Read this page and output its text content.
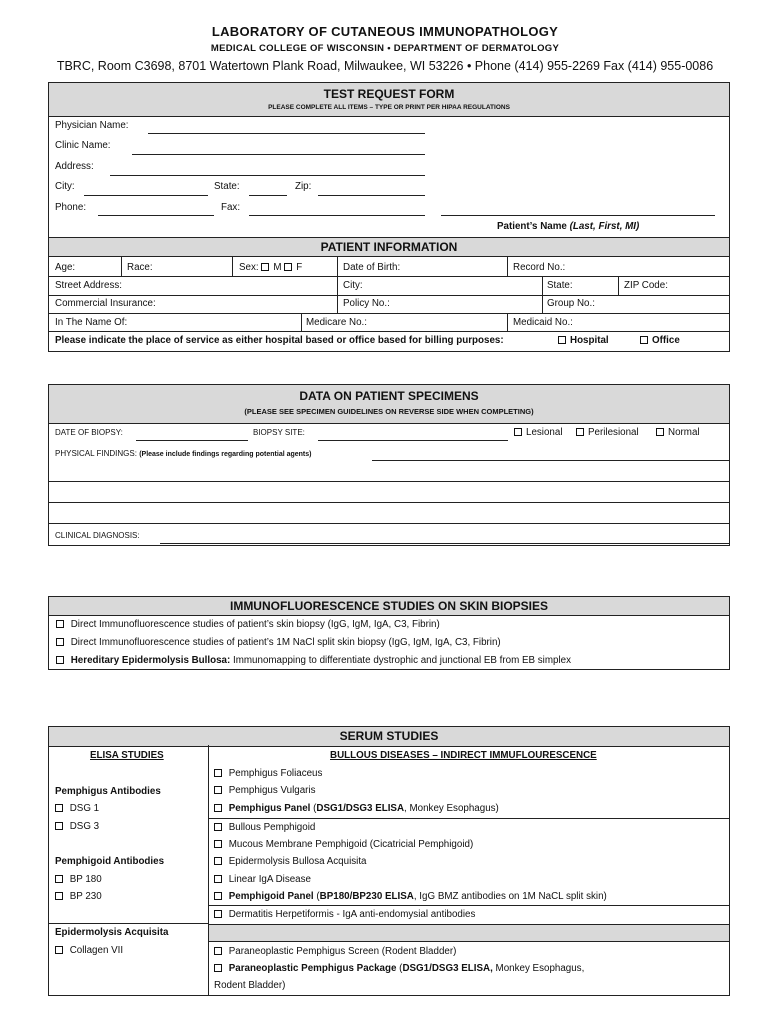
LABORATORY OF CUTANEOUS IMMUNOPATHOLOGY
MEDICAL COLLEGE OF WISCONSIN • DEPARTMENT OF DERMATOLOGY
TBRC, Room C3698, 8701 Watertown Plank Road, Milwaukee, WI 53226 • Phone (414) 955-2269 Fax (414) 955-0086
TEST REQUEST FORM
PLEASE COMPLETE ALL ITEMS – TYPE OR PRINT PER HIPAA REGULATIONS
Physician Name:
Clinic Name:
Address:
City:	State:	Zip:
Phone:	Fax:
Patient’s Name (Last, First, MI)
PATIENT INFORMATION
Age:	Race:	Sex: M F	Date of Birth:	Record No.:
Street Address:	City:	State:	ZIP Code:
Commercial Insurance:	Policy No.:	Group No.:
In The Name Of:	Medicare No.:	Medicaid No.:
Please indicate the place of service as either hospital based or office based for billing purposes:	Hospital	Office
DATA ON PATIENT SPECIMENS
(PLEASE SEE SPECIMEN GUIDELINES ON REVERSE SIDE WHEN COMPLETING)
DATE OF BIOPSY:	BIOPSY SITE:	Lesional	Perilesional	Normal
PHYSICAL FINDINGS: (Please include findings regarding potential agents)
CLINICAL DIAGNOSIS:
IMMUNOFLUORESCENCE STUDIES ON SKIN BIOPSIES
Direct Immunofluorescence studies of patient’s skin biopsy (IgG, IgM, IgA, C3, Fibrin)
Direct Immunofluorescence studies of patient’s 1M NaCl split skin biopsy (IgG, IgM, IgA, C3, Fibrin)
Hereditary Epidermolysis Bullosa: Immunomapping to differentiate dystrophic and junctional EB from EB simplex
SERUM STUDIES
ELISA STUDIES	BULLOUS DISEASES – INDIRECT IMMUFLOURESCENCE
Pemphigus Antibodies
DSG 1
DSG 3
Pemphigoid Antibodies
BP 180
BP 230
Epidermolysis Acquisita
Collagen VII
Pemphigus Foliaceus
Pemphigus Vulgaris
Pemphigus Panel (DSG1/DSG3 ELISA, Monkey Esophagus)
Bullous Pemphigoid
Mucous Membrane Pemphigoid (Cicatricial Pemphigoid)
Epidermolysis Bullosa Acquisita
Linear IgA Disease
Pemphigoid Panel (BP180/BP230 ELISA, IgG BMZ antibodies on 1M NaCL split skin)
Dermatitis Herpetiformis - IgA anti-endomysial antibodies
Paraneoplastic Pemphigus Screen (Rodent Bladder)
Paraneoplastic Pemphigus Package (DSG1/DSG3 ELISA, Monkey Esophagus,
Rodent Bladder)
